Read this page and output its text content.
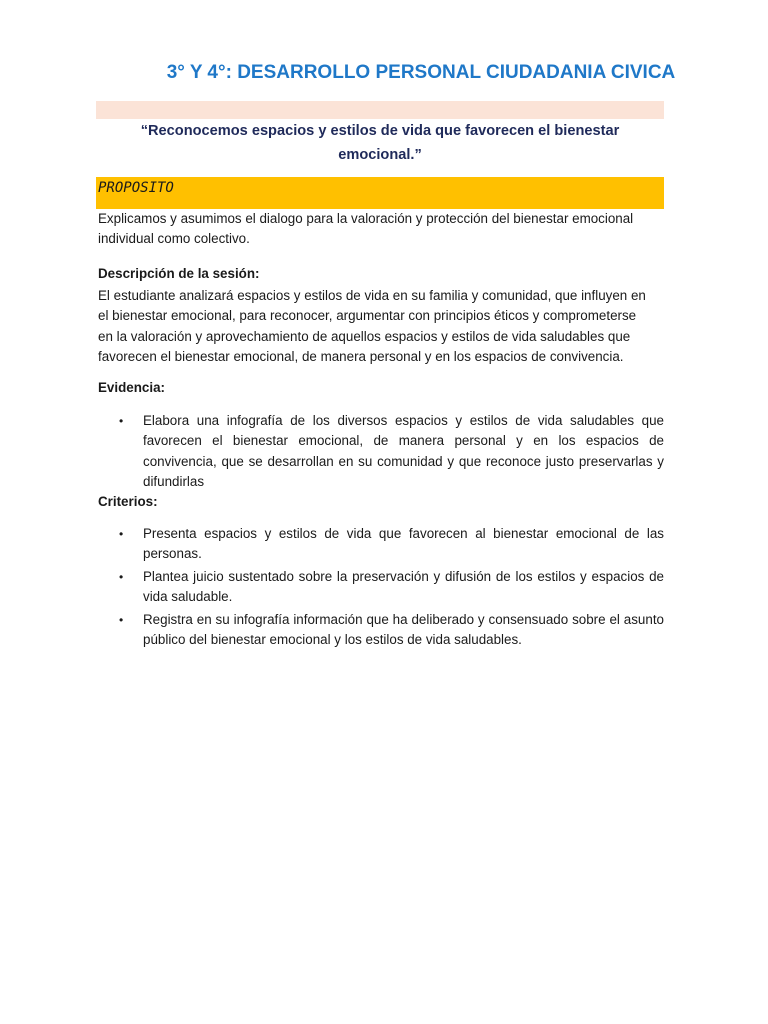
3° Y 4°: DESARROLLO PERSONAL CIUDADANIA CIVICA
“Reconocemos espacios y estilos de vida que favorecen el bienestar
emocional.”
PROPOSITO
Explicamos y asumimos el dialogo para la valoración y protección del bienestar emocional
individual como colectivo.
Descripción de la sesión:
El estudiante analizará espacios y estilos de vida en su familia y comunidad, que influyen en
el bienestar emocional, para reconocer, argumentar con principios éticos y comprometerse
en la valoración y aprovechamiento de aquellos espacios y estilos de vida saludables que
favorecen el bienestar emocional, de manera personal y en los espacios de convivencia.
Evidencia:
• Elabora una infografía de los diversos espacios y estilos de vida saludables que favorecen el bienestar emocional, de manera personal y en los espacios de convivencia, que se desarrollan en su comunidad y que reconoce justo preservarlas y difundirlas
Criterios:
• Presenta espacios y estilos de vida que favorecen al bienestar emocional de las personas.
• Plantea juicio sustentado sobre la preservación y difusión de los estilos y espacios de vida saludable.
• Registra en su infografía información que ha deliberado y consensuado sobre el asunto público del bienestar emocional y los estilos de vida saludables.
